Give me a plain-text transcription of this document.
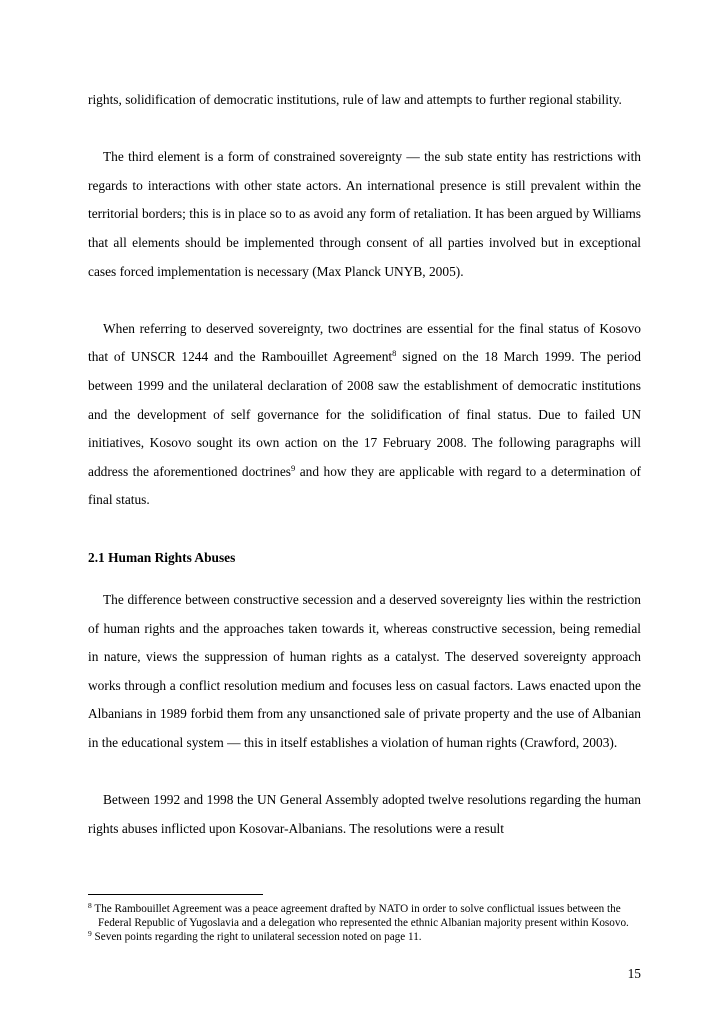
rights, solidification of democratic institutions, rule of law and attempts to further regional stability.

The third element is a form of constrained sovereignty — the sub state entity has restrictions with regards to interactions with other state actors. An international presence is still prevalent within the territorial borders; this is in place so to as avoid any form of retaliation. It has been argued by Williams that all elements should be implemented through consent of all parties involved but in exceptional cases forced implementation is necessary (Max Planck UNYB, 2005).

When referring to deserved sovereignty, two doctrines are essential for the final status of Kosovo that of UNSCR 1244 and the Rambouillet Agreement$^8$ signed on the 18 March 1999. The period between 1999 and the unilateral declaration of 2008 saw the establishment of democratic institutions and the development of self governance for the solidification of final status. Due to failed UN initiatives, Kosovo sought its own action on the 17 February 2008. The following paragraphs will address the aforementioned doctrines$^9$ and how they are applicable with regard to a determination of final status.

2.1 Human Rights Abuses

The difference between constructive secession and a deserved sovereignty lies within the restriction of human rights and the approaches taken towards it, whereas constructive secession, being remedial in nature, views the suppression of human rights as a catalyst. The deserved sovereignty approach works through a conflict resolution medium and focuses less on casual factors. Laws enacted upon the Albanians in 1989 forbid them from any unsanctioned sale of private property and the use of Albanian in the educational system — this in itself establishes a violation of human rights (Crawford, 2003).

Between 1992 and 1998 the UN General Assembly adopted twelve resolutions regarding the human rights abuses inflicted upon Kosovar-Albanians. The resolutions were a result

$^8$ The Rambouillet Agreement was a peace agreement drafted by NATO in order to solve conflictual issues between the Federal Republic of Yugoslavia and a delegation who represented the ethnic Albanian majority present within Kosovo.

$^9$ Seven points regarding the right to unilateral secession noted on page 11.

15
